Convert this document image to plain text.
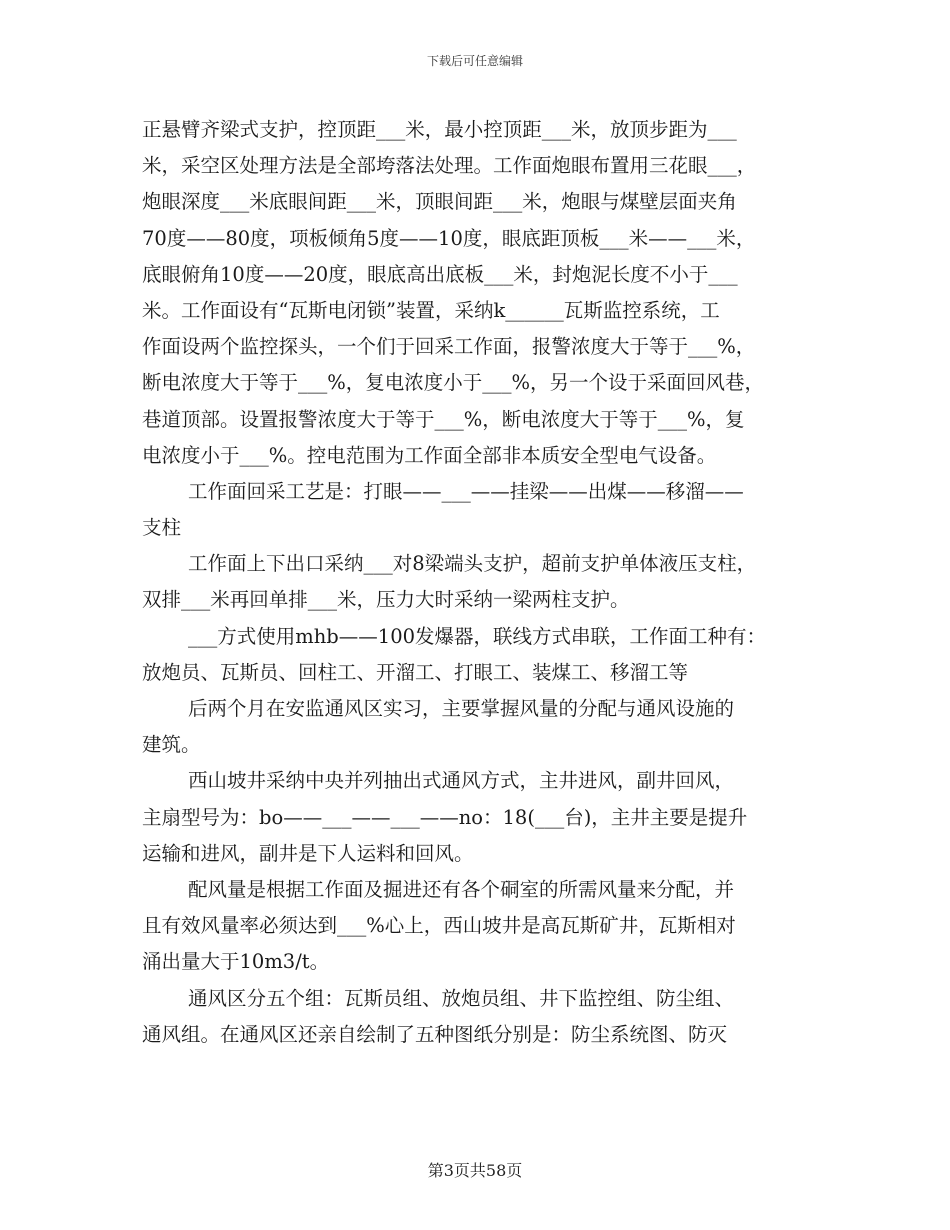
下载后可任意编辑
正悬臂齐梁式支护，控顶距___米，最小控顶距___米，放顶步距为___
米，采空区处理方法是全部垮落法处理。工作面炮眼布置用三花眼___，
炮眼深度___米底眼间距___米，顶眼间距___米，炮眼与煤壁层面夹角
70度——80度，项板倾角5度——10度，眼底距顶板___米——___米，
底眼俯角10度——20度，眼底高出底板___米，封炮泥长度不小于___
米。工作面设有“瓦斯电闭锁”装置，采纳k______瓦斯监控系统，工
作面设两个监控探头，一个们于回采工作面，报警浓度大于等于___%，
断电浓度大于等于___%，复电浓度小于___%，另一个设于采面回风巷，
巷道顶部。设置报警浓度大于等于___%，断电浓度大于等于___%，复
电浓度小于___%。控电范围为工作面全部非本质安全型电气设备。
工作面回采工艺是：打眼——___——挂梁——出煤——移溜——
支柱
工作面上下出口采纳___对8梁端头支护，超前支护单体液压支柱，
双排___米再回单排___米，压力大时采纳一梁两柱支护。
___方式使用mhb——100发爆器，联线方式串联，工作面工种有：
放炮员、瓦斯员、回柱工、开溜工、打眼工、装煤工、移溜工等
后两个月在安监通风区实习，主要掌握风量的分配与通风设施的
建筑。
西山坡井采纳中央并列抽出式通风方式，主井进风，副井回风，
主扇型号为：bo——___——___——no：18(___台)，主井主要是提升
运输和进风，副井是下人运料和回风。
配风量是根据工作面及掘进还有各个硐室的所需风量来分配，并
且有效风量率必须达到___%心上，西山坡井是高瓦斯矿井，瓦斯相对
涌出量大于10m3/t。
通风区分五个组：瓦斯员组、放炮员组、井下监控组、防尘组、
通风组。在通风区还亲自绘制了五种图纸分别是：防尘系统图、防灭
第3页共58页
